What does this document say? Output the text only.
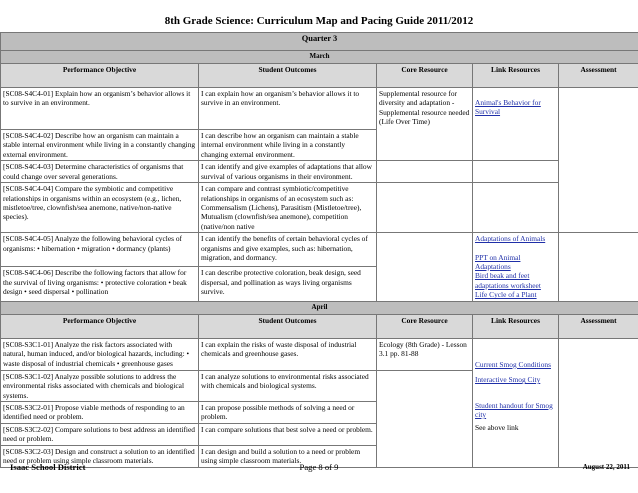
8th Grade Science: Curriculum Map and Pacing Guide 2011/2012
Quarter 3				
March				
Performance Objective	Student Outcomes	Core Resource	Link Resources	Assessment
[SC08-S4C4-01] Explain how an organism’s behavior allows it to survive in an environment.	I can explain how an organism’s behavior allows it to survive in an environment.	Supplemental resource for diversity and adaptation - Supplemental resource needed (Life Over Time)	Animal's Behavior for Survival	

[SC08-S4C4-02] Describe how an organism can maintain a stable internal environment while living in a constantly changing external environment.	I can describe how an organism can maintain a stable internal environment while living in a constantly changing external environment.			
[SC08-S4C4-03] Determine characteristics of organisms that could change over several generations.	I can identify and give examples of adaptations that allow survival of various organisms in their environment.			
[SC08-S4C4-04] Compare the symbiotic and competitive relationships in organisms within an ecosystem (e.g., lichen, mistletoe/tree, clownfish/sea anemone, native/non-native species).	I can compare and contrast symbiotic/competitive relationships in organisms of an ecosystem such as: Commensalism (Lichens), Parasitism (Mistletoe/tree), Mutualism (clownfish/sea anemone), competition (native/non native			
[SC08-S4C4-05] Analyze the following behavioral cycles of organisms: • hibernation • migration • dormancy (plants)	I can identify the benefits of certain behavioral cycles of organisms and give examples, such as: hibernation, migration, and dormancy.		Adaptations of Animals
PPT on Animal Adaptations
Bird beak and feet adaptations worksheet
Life Cycle of a Plant	

[SC08-S4C4-06] Describe the following factors that allow for the survival of living organisms: • protective coloration • beak design • seed dispersal • pollination	I can describe protective coloration, beak design, seed dispersal, and pollination as ways living organisms survive.			
April				
Performance Objective	Student Outcomes	Core Resource	Link Resources	Assessment
[SC08-S3C1-01] Analyze the risk factors associated with natural, human induced, and/or biological hazards, including: • waste disposal of industrial chemicals • greenhouse gases	I can explain the risks of waste disposal of industrial chemicals and greenhouse gases.	Ecology (8th Grade) - Lesson 3.1 pp. 81-88	Current Smog Conditions
Interactive Smog City
Student handout for Smog city
See above link	
[SC08-S3C1-02] Analyze possible solutions to address the environmental risks associated with chemicals and biological systems.	I can analyze solutions to environmental risks associated with chemicals and biological systems.			
[SC08-S3C2-01] Propose viable methods of responding to an identified need or problem.	I can propose possible methods of solving a need or problem.			
[SC08-S3C2-02] Compare solutions to best address an identified need or problem.	I can compare solutions that best solve a need or problem.			
[SC08-S3C2-03] Design and construct a solution to an identified need or problem using simple classroom materials.	I can design and build a solution to a need or problem using simple classroom materials.			
Page 8 of 9
Isaac School District	August 22, 2011
